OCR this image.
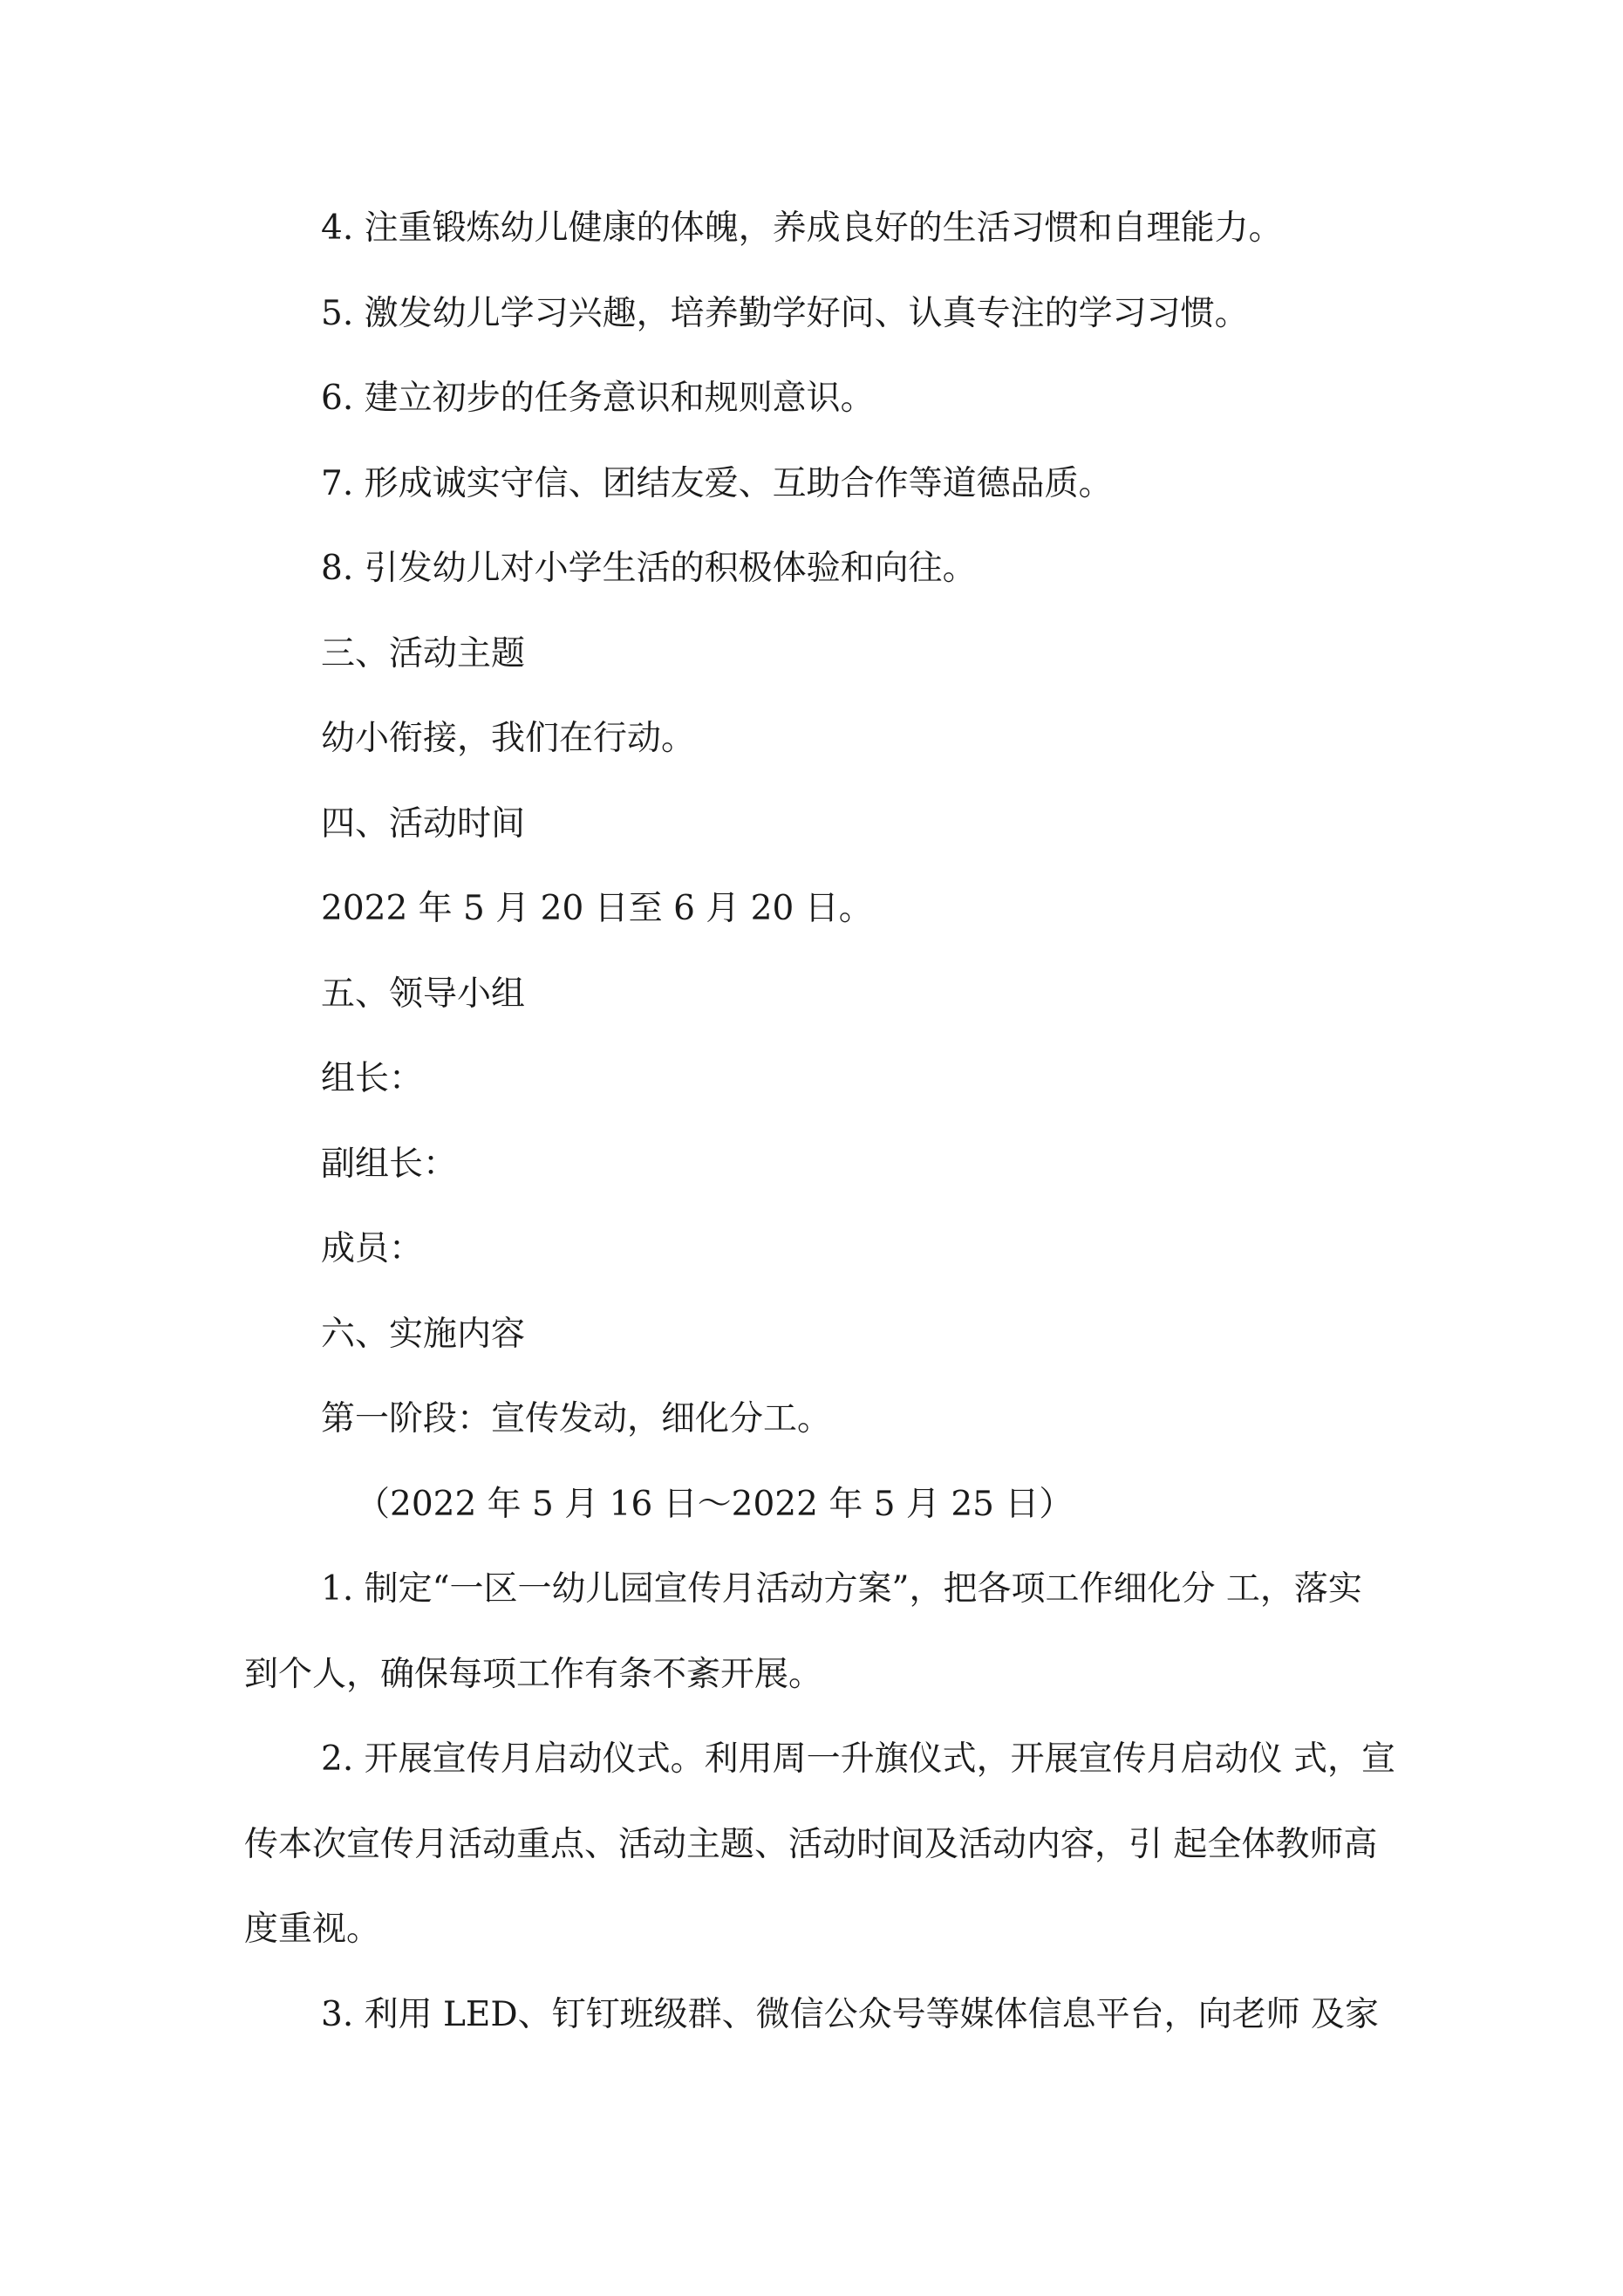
4. 注重锻炼幼儿健康的体魄，养成良好的生活习惯和自理能力。

5. 激发幼儿学习兴趣，培养勤学好问、认真专注的学习习惯。

6. 建立初步的任务意识和规则意识。

7. 形成诚实守信、团结友爱、互助合作等道德品质。

8. 引发幼儿对小学生活的积极体验和向往。

三、活动主题

幼小衔接，我们在行动。

四、活动时间

2022 年 5 月 20 日至 6 月 20 日。

五、领导小组

组长：

副组长：

成员：

六、实施内容

第一阶段：宣传发动，细化分工。

（2022 年 5 月 16 日〜2022 年 5 月 25 日）

1. 制定“一区一幼儿园宣传月活动方案”，把各项工作细化分 工，落实

到个人，确保每项工作有条不紊开展。

2. 开展宣传月启动仪式。利用周一升旗仪式，开展宣传月启动仪 式，宣

传本次宣传月活动重点、活动主题、活动时间及活动内容，引 起全体教师高

度重视。

3. 利用 LED、钉钉班级群、微信公众号等媒体信息平台，向老师 及家
